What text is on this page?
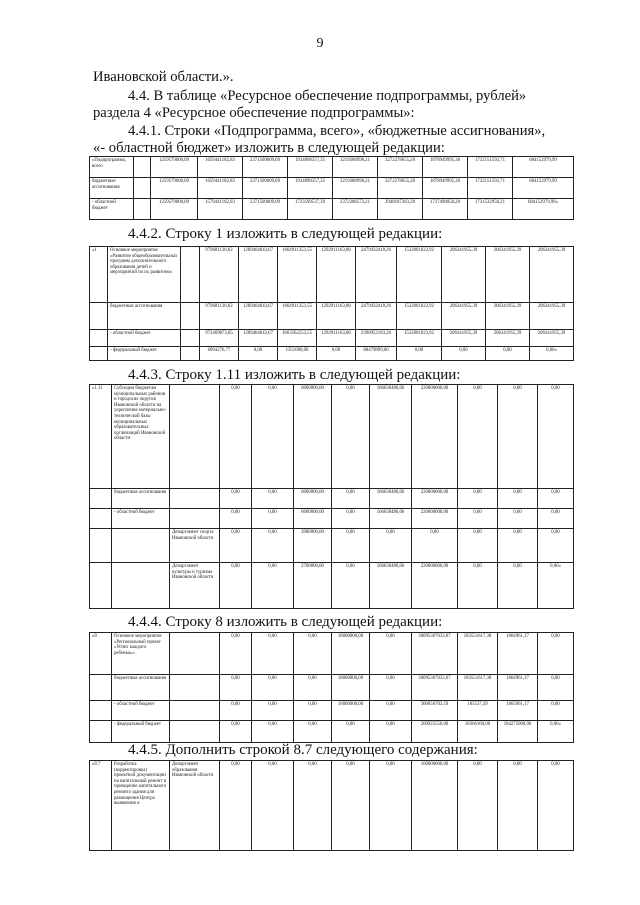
9
Ивановской области.».
4.4. В таблице «Ресурсное обеспечение подпрограммы, рублей»
раздела 4 «Ресурсное обеспечение подпрограммы»:
4.4.1. Строки «Подпрограмма, всего», «бюджетные ассигнования»,
«- областной бюджет» изложить в следующей редакции:
«Подпрограмма, всего		1259579000,09	1659441182,83	2371509009,09	1934898357,35	3219388998,21	3272278655,28	1878949995,38	1732151592,71	684152979,99
бюджетные ассигнования		1259579000,09	1659441182,83	2371509009,09	1934898357,35	3219388998,21	3272278655,28	1878949995,38	1732151592,71	684152979,99
- областной бюджет		1259579000,09	1579441182,83	2371509009,09	1733599537,39	2372388573,21	2948187383,28	1737498058,28	1731532950,21	684152979,99»
4.4.2. Строку 1 изложить в следующей редакции:
«1	Основное мероприятие «Развитие общеобразовательных программ дополнительного образования детей и мероприятий по их развитию»		979681136,62	1289464643,67	1664911353,55	1292911163,86	2479432418,26	1532001823,92	206341955,39	206341955,39	206341955,39
	бюджетные ассигнования		979681136,62	1289464643,67	1664911353,55	1292911163,86	2479432418,26	1532001823,92	206341955,39	206341955,39	206341955,39
	- областной бюджет		973469873,85	1289464643,67	1663562253,55	1292911163,86	2390952183,26	1532001823,92	206341955,39	206341955,39	206341955,39
	- федеральный бюджет		6094276,77	0,00	1351000,00	0,00	88479899,00	0,00	0,00	0,00	0,00»
4.4.3. Строку 1.11 изложить в следующей редакции:
«1.11	Субсидии бюджетам муниципальных районов и городских округов Ивановской области на укрепление материально-технической базы муниципальных образовательных организаций Ивановской области		0,00	0,00	6600000,00	0,00	166638486,06	220000000,00	0,00	0,00	0,00
	бюджетные ассигнования		0,00	0,00	6600000,00	0,00	166638486,06	220000000,00	0,00	0,00	0,00
	- областной бюджет		0,00	0,00	6600000,00	0,00	166638486,06	220000000,00	0,00	0,00	0,00
		Департамент спорта Ивановской области	0,00	0,00	3900000,00	0,00	0,00	0,00	0,00	0,00	0,00
		Департамент культуры и туризма Ивановской области	0,00	0,00	2700000,00	0,00	166638486,06	220000000,00	0,00	0,00	0,00»
4.4.4. Строку 8 изложить в следующей редакции:
«8	Основное мероприятие «Региональный проект «Успех каждого ребенка»»		0,00	0,00	0,00	18000000,00	0,00	30095307033,07	183551617,38	1864961,17	0,00
	бюджетные ассигнования		0,00	0,00	0,00	18000000,00	0,00	30095307033,07	183551617,38	1864961,17	0,00
	- областной бюджет		0,00	0,00	0,00	18000000,00	0,00	300056703,59	185537,39	1865961,17	0,00
	- федеральный бюджет		0,00	0,00	0,00	0,00	0,00	200925550,00	18366160,00	184275000,00	0,00»
4.4.5. Дополнить строкой 8.7 следующего содержания:
«8.7	Разработка (корректировка) проектной документации на капитальный ремонт и проведение капитального ремонта здания для размещения Центра выявления и	Департамент образования Ивановской области	0,00	0,00	0,00	0,00	0,00	100000000,00	0,00	0,00	0,00
